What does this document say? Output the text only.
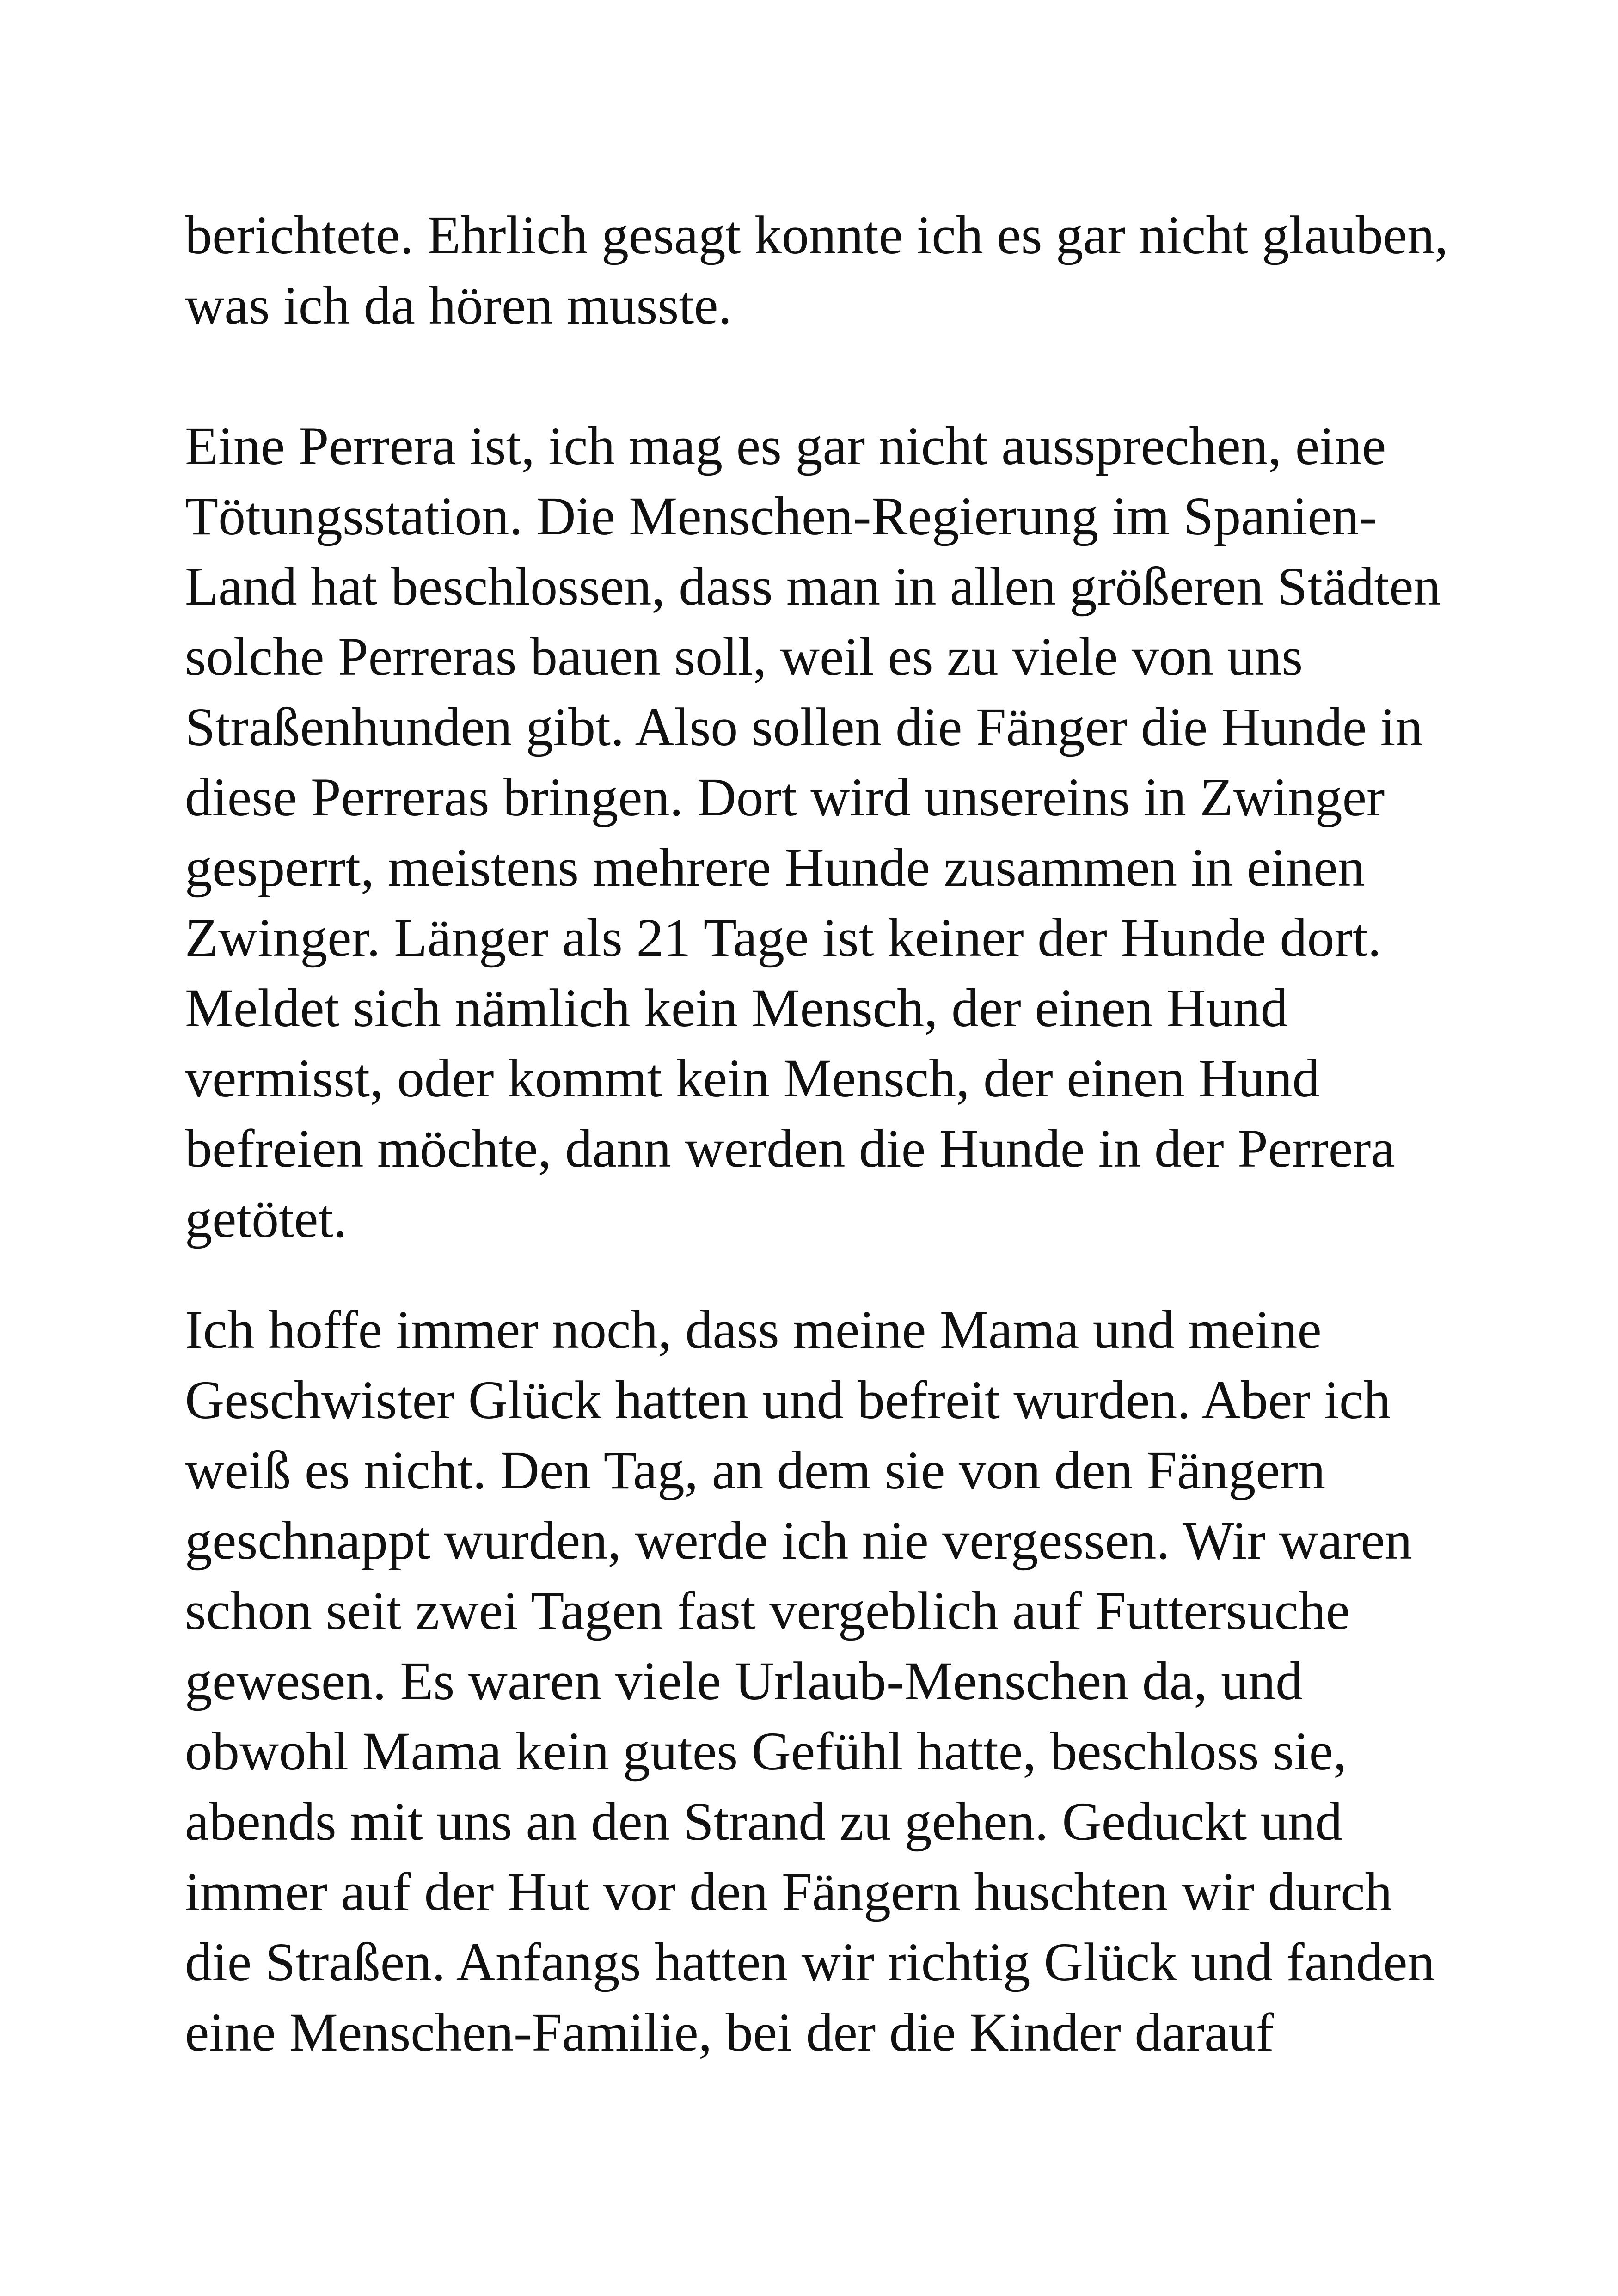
berichtete. Ehrlich gesagt konnte ich es gar nicht glauben,
was ich da hören musste.
Eine Perrera ist, ich mag es gar nicht aussprechen, eine
Tötungsstation. Die Menschen-Regierung im Spanien-
Land hat beschlossen, dass man in allen größeren Städten
solche Perreras bauen soll, weil es zu viele von uns
Straßenhunden gibt. Also sollen die Fänger die Hunde in
diese Perreras bringen. Dort wird unsereins in Zwinger
gesperrt, meistens mehrere Hunde zusammen in einen
Zwinger. Länger als 21 Tage ist keiner der Hunde dort.
Meldet sich nämlich kein Mensch, der einen Hund
vermisst, oder kommt kein Mensch, der einen Hund
befreien möchte, dann werden die Hunde in der Perrera
getötet.
Ich hoffe immer noch, dass meine Mama und meine
Geschwister Glück hatten und befreit wurden. Aber ich
weiß es nicht. Den Tag, an dem sie von den Fängern
geschnappt wurden, werde ich nie vergessen. Wir waren
schon seit zwei Tagen fast vergeblich auf Futtersuche
gewesen. Es waren viele Urlaub-Menschen da, und
obwohl Mama kein gutes Gefühl hatte, beschloss sie,
abends mit uns an den Strand zu gehen. Geduckt und
immer auf der Hut vor den Fängern huschten wir durch
die Straßen. Anfangs hatten wir richtig Glück und fanden
eine Menschen-Familie, bei der die Kinder darauf
